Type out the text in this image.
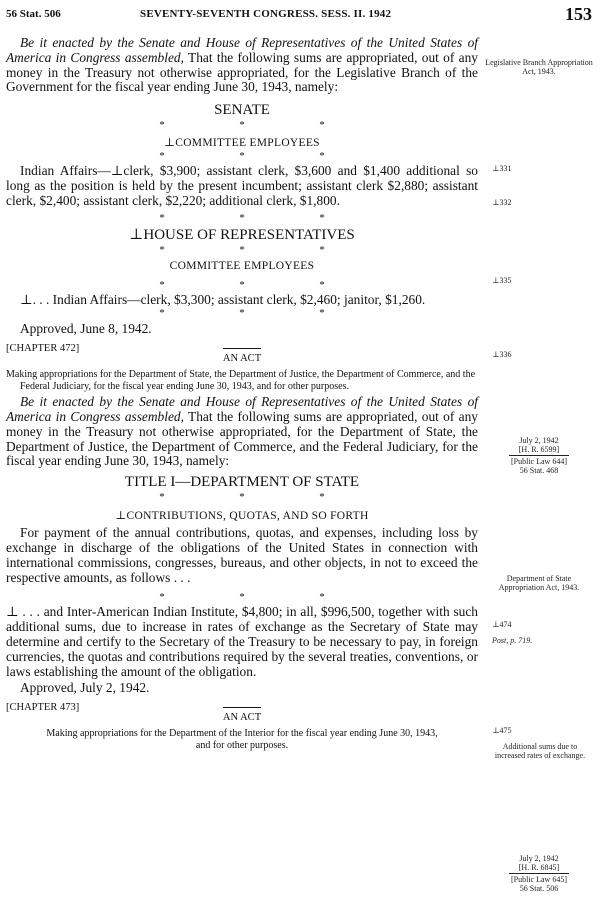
56 Stat. 506	SEVENTY-SEVENTH CONGRESS. SESS. II. 1942	153

Be it enacted by the Senate and House of Representatives of the United States of America in Congress assembled, That the following sums are appropriated, out of any money in the Treasury not otherwise appropriated, for the Legislative Branch of the Government for the fiscal year ending June 30, 1943, namely:

SENATE
*	*	*
⊥COMMITTEE EMPLOYEES
*	*	*

Indian Affairs—⊥clerk, $3,900; assistant clerk, $3,600 and $1,400 additional so long as the position is held by the present incumbent; assistant clerk $2,880; assistant clerk, $2,400; assistant clerk, $2,220; additional clerk, $1,800.

*	*	*
⊥HOUSE OF REPRESENTATIVES
*	*	*
COMMITTEE EMPLOYEES
*	*	*

⊥. . . Indian Affairs—clerk, $3,300; assistant clerk, $2,460; janitor, $1,260.

*	*	*

Approved, June 8, 1942.

[CHAPTER 472]
AN ACT

Making appropriations for the Department of State, the Department of Justice, the Department of Commerce, and the Federal Judiciary, for the fiscal year ending June 30, 1943, and for other purposes.

Be it enacted by the Senate and House of Representatives of the United States of America in Congress assembled, That the following sums are appropriated, out of any money in the Treasury not otherwise appropriated, for the Department of State, the Department of Justice, the Department of Commerce, and the Federal Judiciary, for the fiscal year ending June 30, 1943, namely:

TITLE I—DEPARTMENT OF STATE
*	*	*
⊥CONTRIBUTIONS, QUOTAS, AND SO FORTH

For payment of the annual contributions, quotas, and expenses, including loss by exchange in discharge of the obligations of the United States in connection with international commissions, congresses, bureaus, and other objects, in not to exceed the respective amounts, as follows . . .

*	*	*

⊥ . . . and Inter-American Indian Institute, $4,800; in all, $996,500, together with such additional sums, due to increase in rates of exchange as the Secretary of State may determine and certify to the Secretary of the Treasury to be necessary to pay, in foreign currencies, the quotas and contributions required by the several treaties, conventions, or laws establishing the amount of the obligation.

Approved, July 2, 1942.

[CHAPTER 473]
AN ACT

Making appropriations for the Department of the Interior for the fiscal year ending June 30, 1943, and for other purposes.

Legislative Branch Appropriation Act, 1943.
⊥331
⊥332
⊥335
⊥336
July 2, 1942
[H. R. 6599]
[Public Law 644]
56 Stat. 468
Department of State Appropriation Act, 1943.
⊥474
Post, p. 719.
⊥475
Additional sums due to increased rates of exchange.
July 2, 1942
[H. R. 6845]
[Public Law 645]
56 Stat. 506
